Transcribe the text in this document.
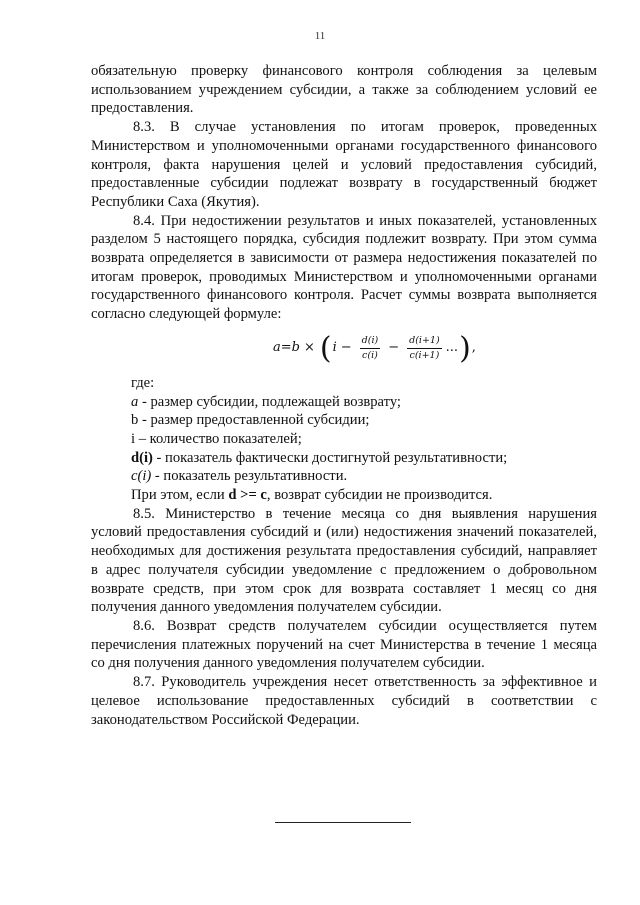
11

обязательную проверку финансового контроля соблюдения за целевым использованием учреждением субсидии, а также за соблюдением условий ее предоставления.

8.3. В случае установления по итогам проверок, проведенных Министерством и уполномоченными органами государственного финансового контроля, факта нарушения целей и условий предоставления субсидий, предоставленные субсидии подлежат возврату в государственный бюджет Республики Саха (Якутия).

8.4. При недостижении результатов и иных показателей, установленных разделом 5 настоящего порядка, субсидия подлежит возврату. При этом сумма возврата определяется в зависимости от размера недостижения показателей по итогам проверок, проводимых Министерством и уполномоченными органами государственного финансового контроля. Расчет суммы возврата выполняется согласно следующей формуле:

a=b × ( $i - \frac{d(i)}{c(i)} - \frac{d(i+1)}{c(i+1)}$ ... ) ,

где:

a - размер субсидии, подлежащей возврату;

b - размер предоставленной субсидии;

i – количество показателей;

d(i) - показатель фактически достигнутой результативности;

c(i) - показатель результативности.

При этом, если d >= c, возврат субсидии не производится.

8.5. Министерство в течение месяца со дня выявления нарушения условий предоставления субсидий и (или) недостижения значений показателей, необходимых для достижения результата предоставления субсидий, направляет в адрес получателя субсидии уведомление с предложением о добровольном возврате средств, при этом срок для возврата составляет 1 месяц со дня получения данного уведомления получателем субсидии.

8.6. Возврат средств получателем субсидии осуществляется путем перечисления платежных поручений на счет Министерства в течение 1 месяца со дня получения данного уведомления получателем субсидии.

8.7. Руководитель учреждения несет ответственность за эффективное и целевое использование предоставленных субсидий в соответствии с законодательством Российской Федерации.
